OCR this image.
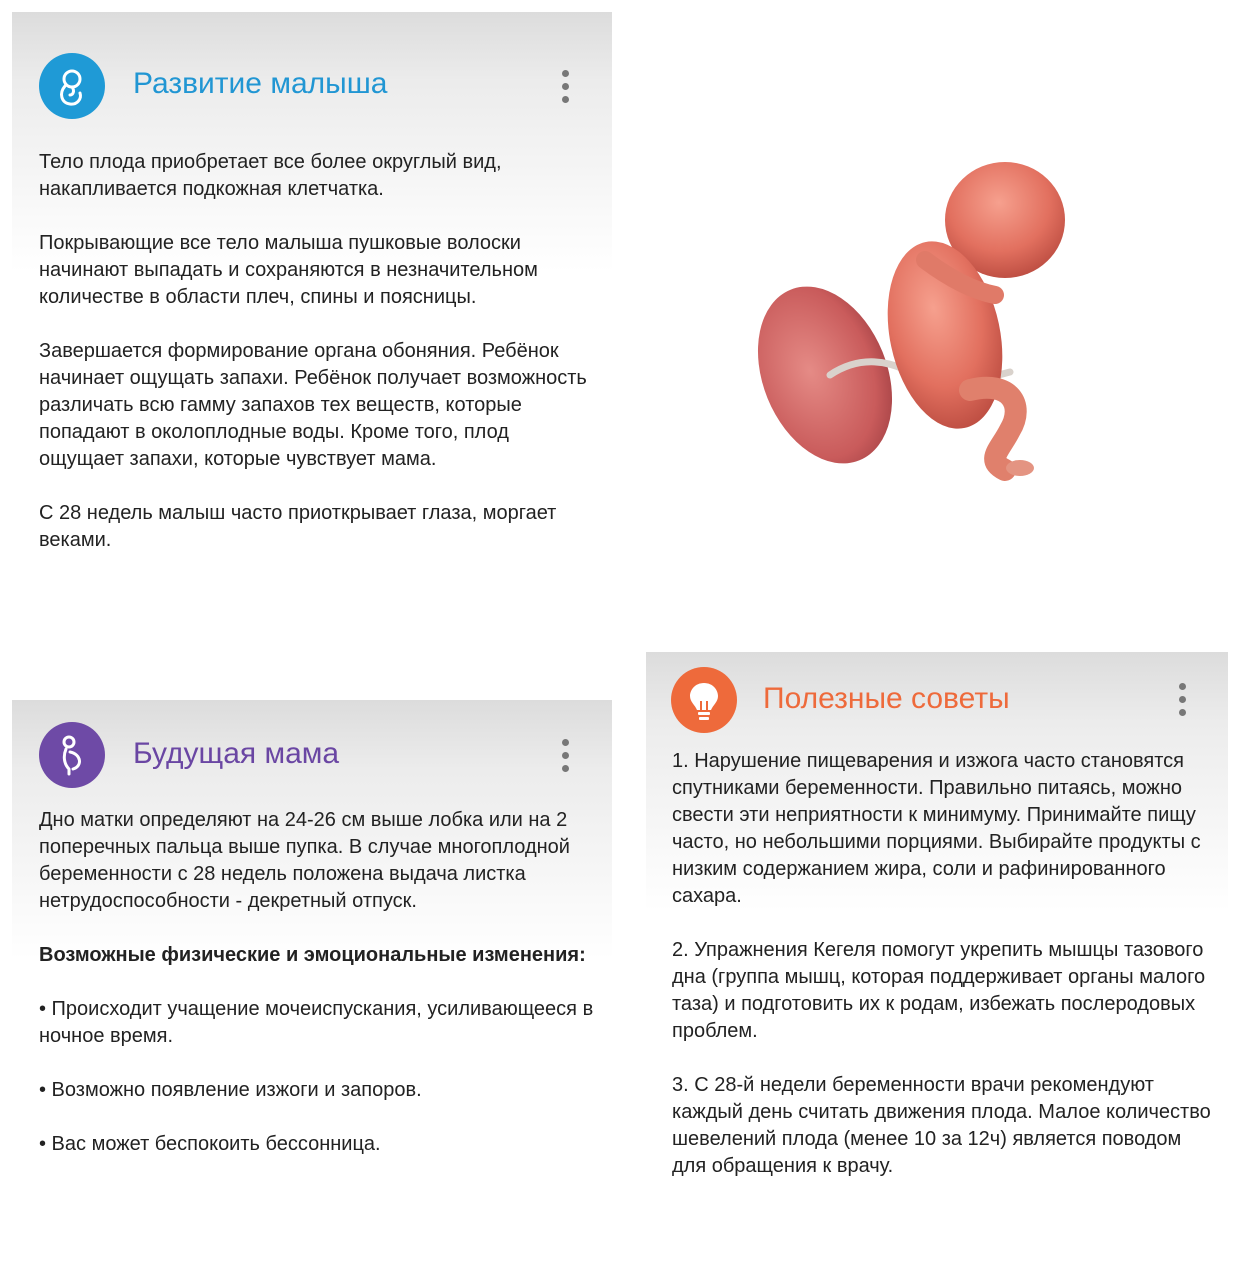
Развитие малыша

Тело плода приобретает все более округлый вид, накапливается подкожная клетчатка.

Покрывающие все тело малыша пушковые волоски начинают выпадать и сохраняются в незначительном количестве в области плеч, спины и поясницы.

Завершается формирование органа обоняния. Ребёнок начинает ощущать запахи. Ребёнок получает возможность различать всю гамму запахов тех веществ, которые попадают в околоплодные воды. Кроме того, плод ощущает запахи, которые чувствует мама.

С 28 недель малыш часто приоткрывает глаза, моргает веками.

Будущая мама

Дно матки определяют на 24-26 см выше лобка или на 2 поперечных пальца выше пупка. В случае многоплодной беременности с 28 недель положена выдача листка нетрудоспособности - декретный отпуск.

Возможные физические и эмоциональные изменения:

• Происходит учащение мочеиспускания, усиливающееся в ночное время.

• Возможно появление изжоги и запоров.

• Вас может беспокоить бессонница.

Полезные советы

1. Нарушение пищеварения и изжога часто становятся спутниками беременности. Правильно питаясь, можно свести эти неприятности к минимуму. Принимайте пищу часто, но небольшими порциями. Выбирайте продукты с низким содержанием жира, соли и рафинированного сахара.

2. Упражнения Кегеля помогут укрепить мышцы тазового дна (группа мышц, которая поддерживает органы малого таза) и подготовить их к родам, избежать послеродовых проблем.

3. С 28-й недели беременности врачи рекомендуют каждый день считать движения плода. Малое количество шевелений плода (менее 10 за 12ч) является поводом для обращения к врачу.
